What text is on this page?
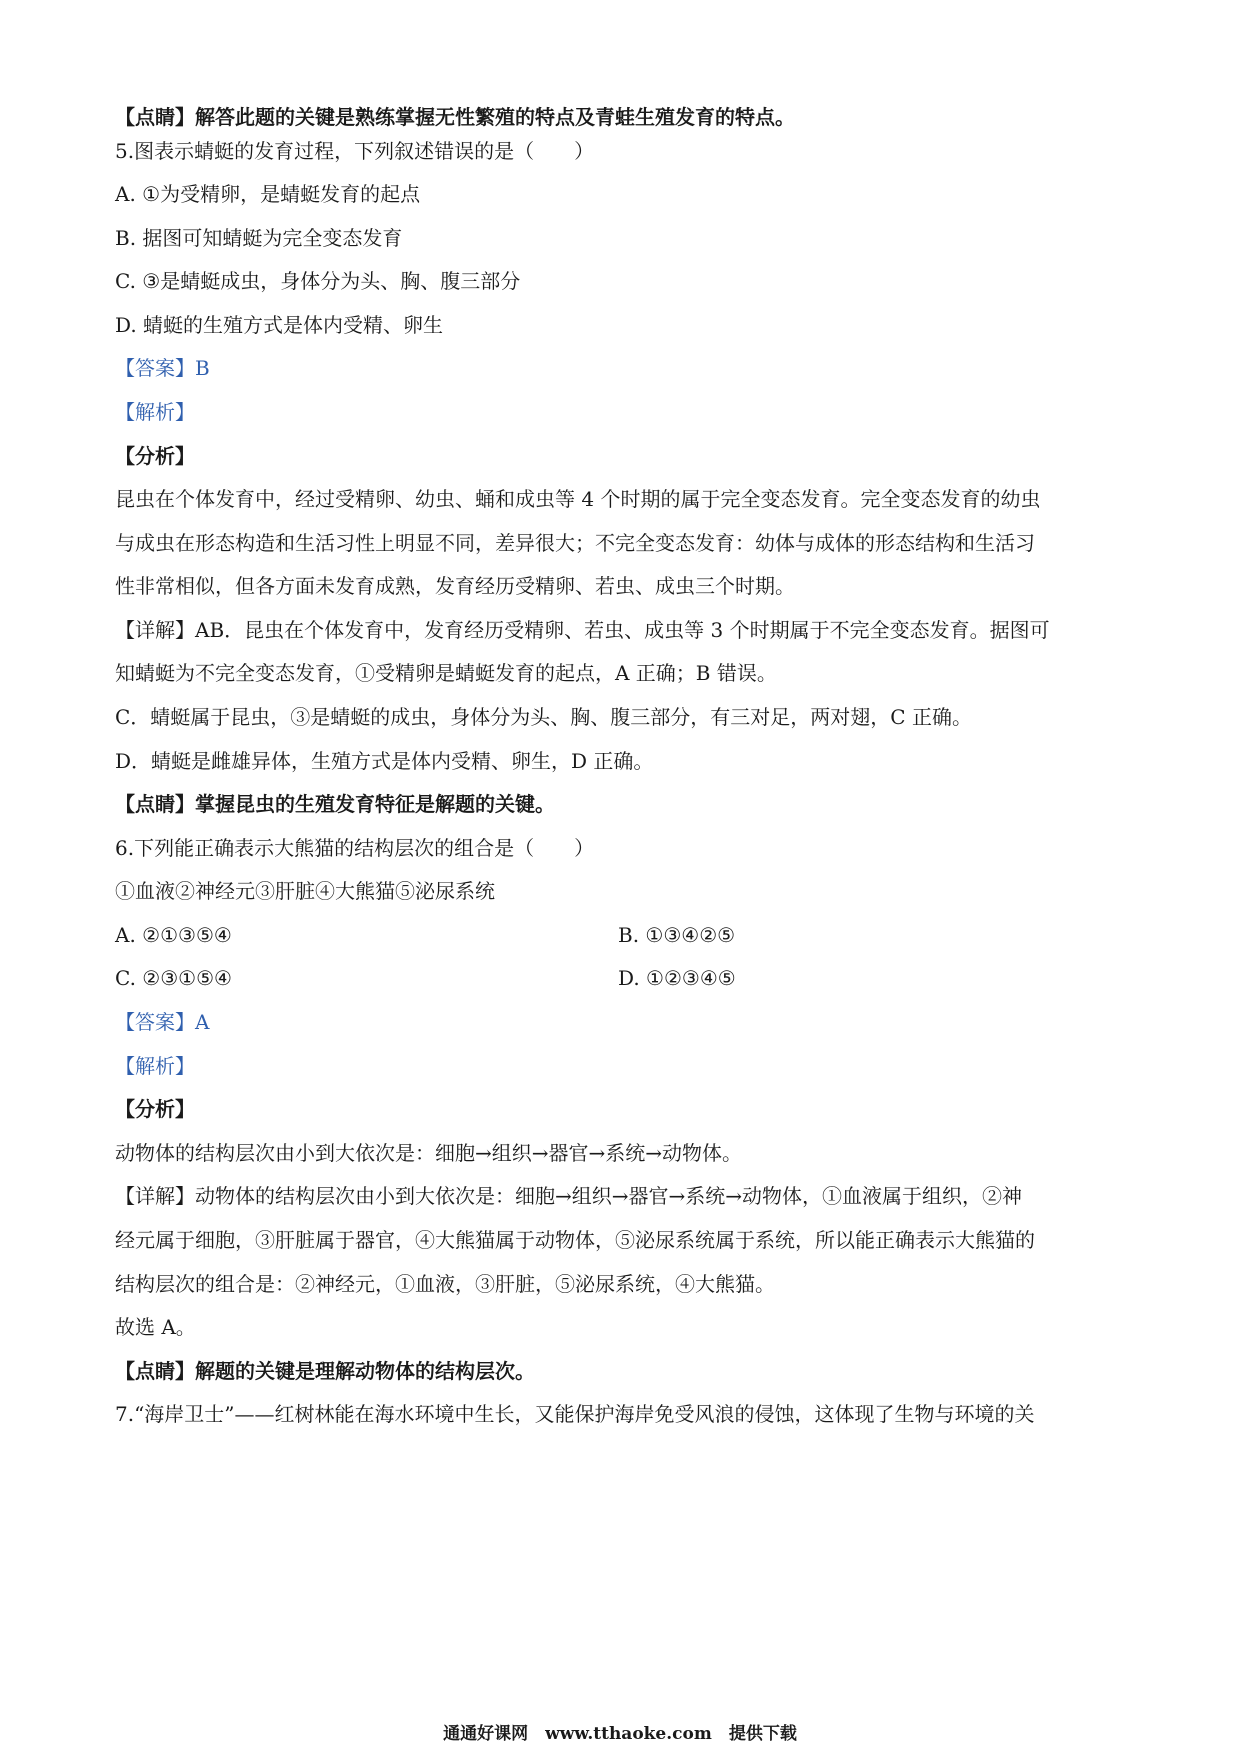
【点睛】解答此题的关键是熟练掌握无性繁殖的特点及青蛙生殖发育的特点。
5.图表示蜻蜓的发育过程，下列叙述错误的是（　　）
A. ①为受精卵，是蜻蜓发育的起点
B. 据图可知蜻蜓为完全变态发育
C. ③是蜻蜓成虫，身体分为头、胸、腹三部分
D. 蜻蜓的生殖方式是体内受精、卵生
【答案】B
【解析】
【分析】
昆虫在个体发育中，经过受精卵、幼虫、蛹和成虫等 4 个时期的属于完全变态发育。完全变态发育的幼虫
与成虫在形态构造和生活习性上明显不同，差异很大；不完全变态发育：幼体与成体的形态结构和生活习
性非常相似，但各方面未发育成熟，发育经历受精卵、若虫、成虫三个时期。
【详解】AB．昆虫在个体发育中，发育经历受精卵、若虫、成虫等 3 个时期属于不完全变态发育。据图可
知蜻蜓为不完全变态发育，①受精卵是蜻蜓发育的起点，A 正确；B 错误。
C．蜻蜓属于昆虫，③是蜻蜓的成虫，身体分为头、胸、腹三部分，有三对足，两对翅，C 正确。
D．蜻蜓是雌雄异体，生殖方式是体内受精、卵生，D 正确。
【点睛】掌握昆虫的生殖发育特征是解题的关键。
6.下列能正确表示大熊猫的结构层次的组合是（　　）
①血液②神经元③肝脏④大熊猫⑤泌尿系统
A. ②①③⑤④	B. ①③④②⑤
C. ②③①⑤④	D. ①②③④⑤
【答案】A
【解析】
【分析】
动物体的结构层次由小到大依次是：细胞→组织→器官→系统→动物体。
【详解】动物体的结构层次由小到大依次是：细胞→组织→器官→系统→动物体，①血液属于组织，②神
经元属于细胞，③肝脏属于器官，④大熊猫属于动物体，⑤泌尿系统属于系统，所以能正确表示大熊猫的
结构层次的组合是：②神经元，①血液，③肝脏，⑤泌尿系统，④大熊猫。
故选 A。
【点睛】解题的关键是理解动物体的结构层次。
7.“海岸卫士”——红树林能在海水环境中生长，又能保护海岸免受风浪的侵蚀，这体现了生物与环境的关
通通好课网　www.tthaoke.com　提供下载
